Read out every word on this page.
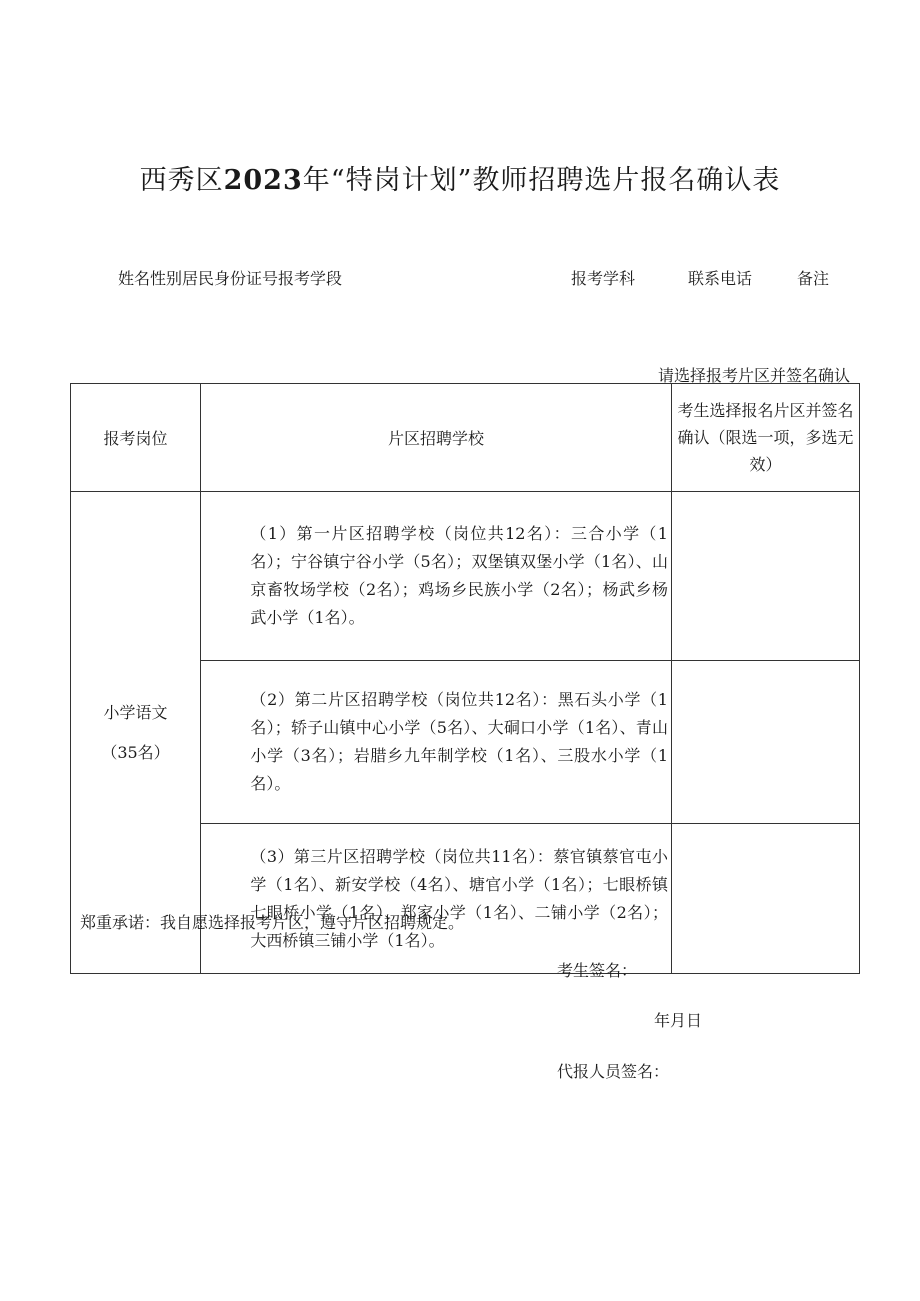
西秀区2023年“特岗计划”教师招聘选片报名确认表
姓名性别居民身份证号报考学段	报考学科	联系电话	备注
请选择报考片区并签名确认
报考岗位	片区招聘学校	考生选择报名片区并签名确认（限选一项，多选无效）

小学语文
（35名）	（1）第一片区招聘学校（岗位共12名）：三合小学（1名）；宁谷镇宁谷小学（5名）；双堡镇双堡小学（1名）、山京畜牧场学校（2名）；鸡场乡民族小学（2名）；杨武乡杨武小学（1名）。	

	（2）第二片区招聘学校（岗位共12名）：黑石头小学（1名）；轿子山镇中心小学（5名）、大硐口小学（1名）、青山小学（3名）；岩腊乡九年制学校（1名）、三股水小学（1名）。	

	（3）第三片区招聘学校（岗位共11名）：蔡官镇蔡官屯小学（1名）、新安学校（4名）、塘官小学（1名）；七眼桥镇七眼桥小学（1名）、郑家小学（1名）、二铺小学（2名）；大西桥镇三铺小学（1名）。	

郑重承诺：我自愿选择报考片区，遵守片区招聘规定。
考生签名：
年月日
代报人员签名：
